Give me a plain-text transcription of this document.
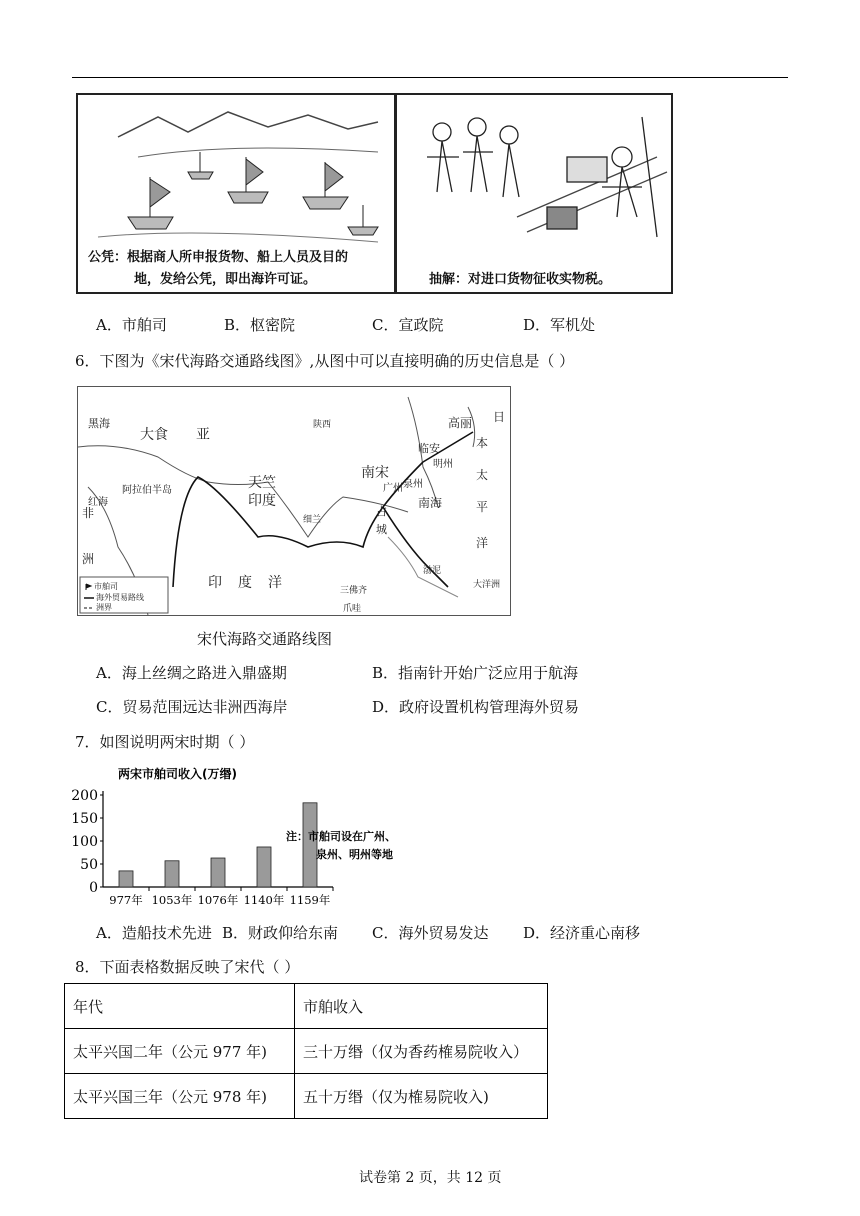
公凭：根据商人所申报货物、船上人员及目的
地，发给公凭，即出海许可证。	抽解：对进口货物征收实物税。
A．市舶司	B．枢密院	C．宣政院	D．军机处
6．下图为《宋代海路交通路线图》,从图中可以直接明确的历史信息是（ ）
黑海
大食 亚
阿拉伯半岛
红海
非
洲
天竺
印度
印度洋
南宋
临安
明州
广州 泉州
高丽 日
本
太
平
洋
南海
占
城
三佛齐
爪哇
渤泥
大洋洲
细兰
陕西
市舶司
海外贸易路线
洲界
宋代海路交通路线图
A．海上丝绸之路进入鼎盛期	B．指南针开始广泛应用于航海
C．贸易范围远达非洲西海岸	D．政府设置机构管理海外贸易
7．如图说明两宋时期（ ）
两宋市舶司收入(万缗)
0
50
100
150
200
977年 1053年 1076年 1140年 1159年
注：市舶司设在广州、
泉州、明州等地
A．造船技术先进 B．财政仰给东南 C．海外贸易发达 D．经济重心南移
8．下面表格数据反映了宋代（ ）
年代	市舶收入
太平兴国二年（公元 977 年)	三十万缗（仅为香药榷易院收入）
太平兴国三年（公元 978 年)	五十万缗（仅为榷易院收入)
试卷第 2 页，共 12 页
